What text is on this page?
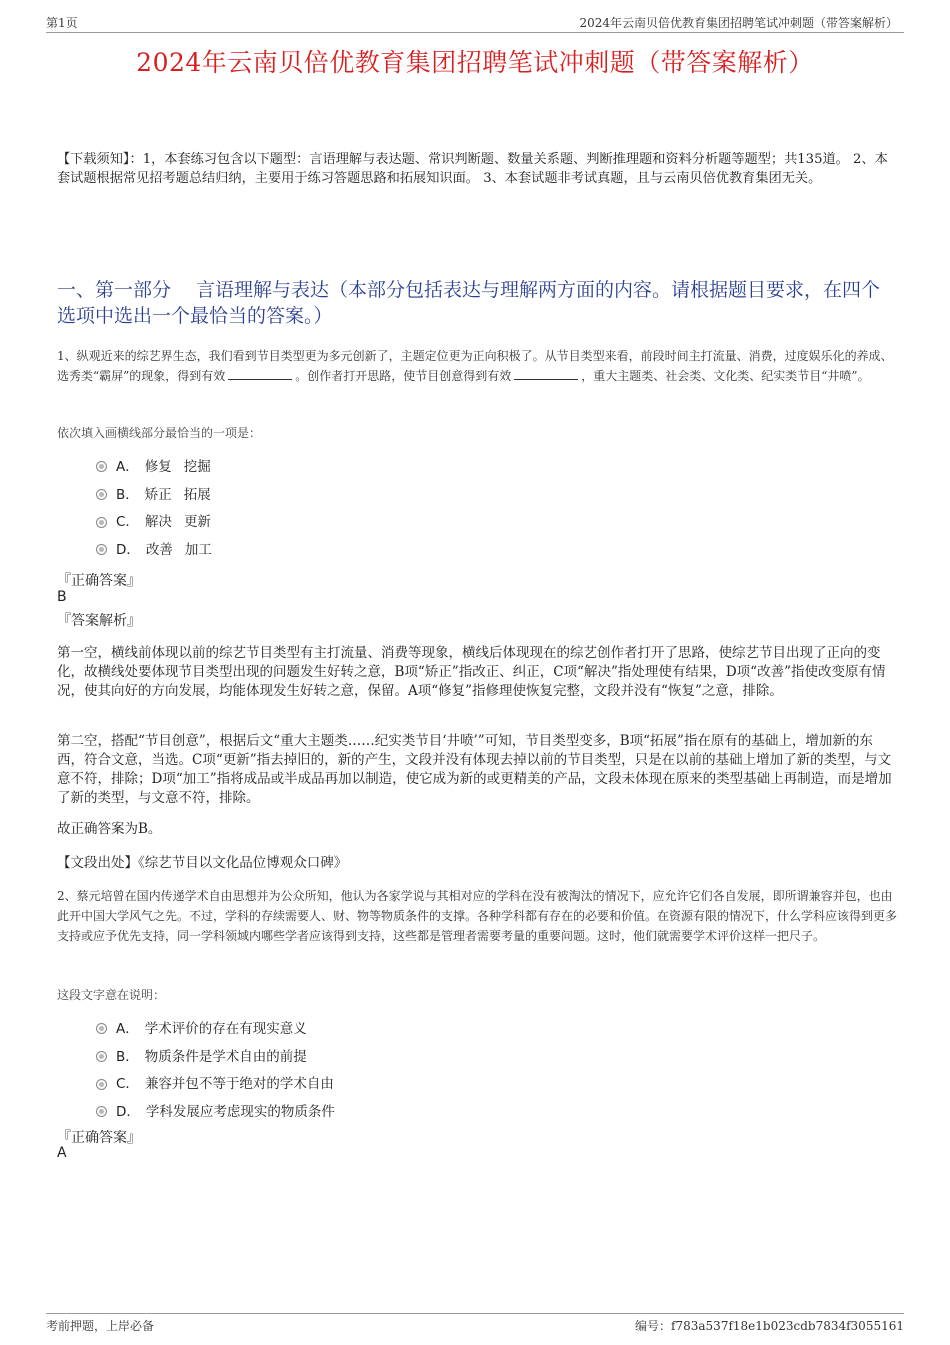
第1页	2024年云南贝倍优教育集团招聘笔试冲刺题（带答案解析）
2024年云南贝倍优教育集团招聘笔试冲刺题（带答案解析）
【下载须知】：1，本套练习包含以下题型：言语理解与表达题、常识判断题、数量关系题、判断推理题和资料分析题等题型；共135道。 2、本套试题根据常见招考题总结归纳，主要用于练习答题思路和拓展知识面。 3、本套试题非考试真题，且与云南贝倍优教育集团无关。
一、第一部分　 言语理解与表达（本部分包括表达与理解两方面的内容。请根据题目要求，在四个选项中选出一个最恰当的答案。）
1、纵观近来的综艺界生态，我们看到节目类型更为多元创新了，主题定位更为正向积极了。从节目类型来看，前段时间主打流量、消费，过度娱乐化的养成、选秀类“霸屏”的现象，得到有效	。创作者打开思路，使节目创意得到有效	，重大主题类、社会类、文化类、纪实类节目“井喷”。
依次填入画横线部分最恰当的一项是：
A． 修复 挖掘
B． 矫正 拓展
C． 解决 更新
D． 改善 加工
『正确答案』
B
『答案解析』
第一空，横线前体现以前的综艺节目类型有主打流量、消费等现象，横线后体现现在的综艺创作者打开了思路，使综艺节目出现了正向的变化，故横线处要体现节目类型出现的问题发生好转之意，B项“矫正”指改正、纠正，C项“解决”指处理使有结果，D项“改善”指使改变原有情况，使其向好的方向发展，均能体现发生好转之意，保留。A项“修复”指修理使恢复完整，文段并没有“恢复”之意，排除。
第二空，搭配“节目创意”，根据后文“重大主题类……纪实类节目‘井喷’”可知，节目类型变多，B项“拓展”指在原有的基础上，增加新的东西，符合文意，当选。C项“更新”指去掉旧的，新的产生，文段并没有体现去掉以前的节目类型，只是在以前的基础上增加了新的类型，与文意不符，排除；D项“加工”指将成品或半成品再加以制造，使它成为新的或更精美的产品，文段未体现在原来的类型基础上再制造，而是增加了新的类型，与文意不符，排除。
故正确答案为B。
【文段出处】《综艺节目以文化品位博观众口碑》
2、蔡元培曾在国内传递学术自由思想并为公众所知，他认为各家学说与其相对应的学科在没有被淘汰的情况下，应允许它们各自发展，即所谓兼容并包，也由此开中国大学风气之先。不过，学科的存续需要人、财、物等物质条件的支撑。各种学科都有存在的必要和价值。在资源有限的情况下，什么学科应该得到更多支持或应予优先支持，同一学科领域内哪些学者应该得到支持，这些都是管理者需要考量的重要问题。这时，他们就需要学术评价这样一把尺子。
这段文字意在说明：
A． 学术评价的存在有现实意义
B． 物质条件是学术自由的前提
C． 兼容并包不等于绝对的学术自由
D． 学科发展应考虑现实的物质条件
『正确答案』
A
考前押题，上岸必备	编号：f783a537f18e1b023cdb7834f3055161
